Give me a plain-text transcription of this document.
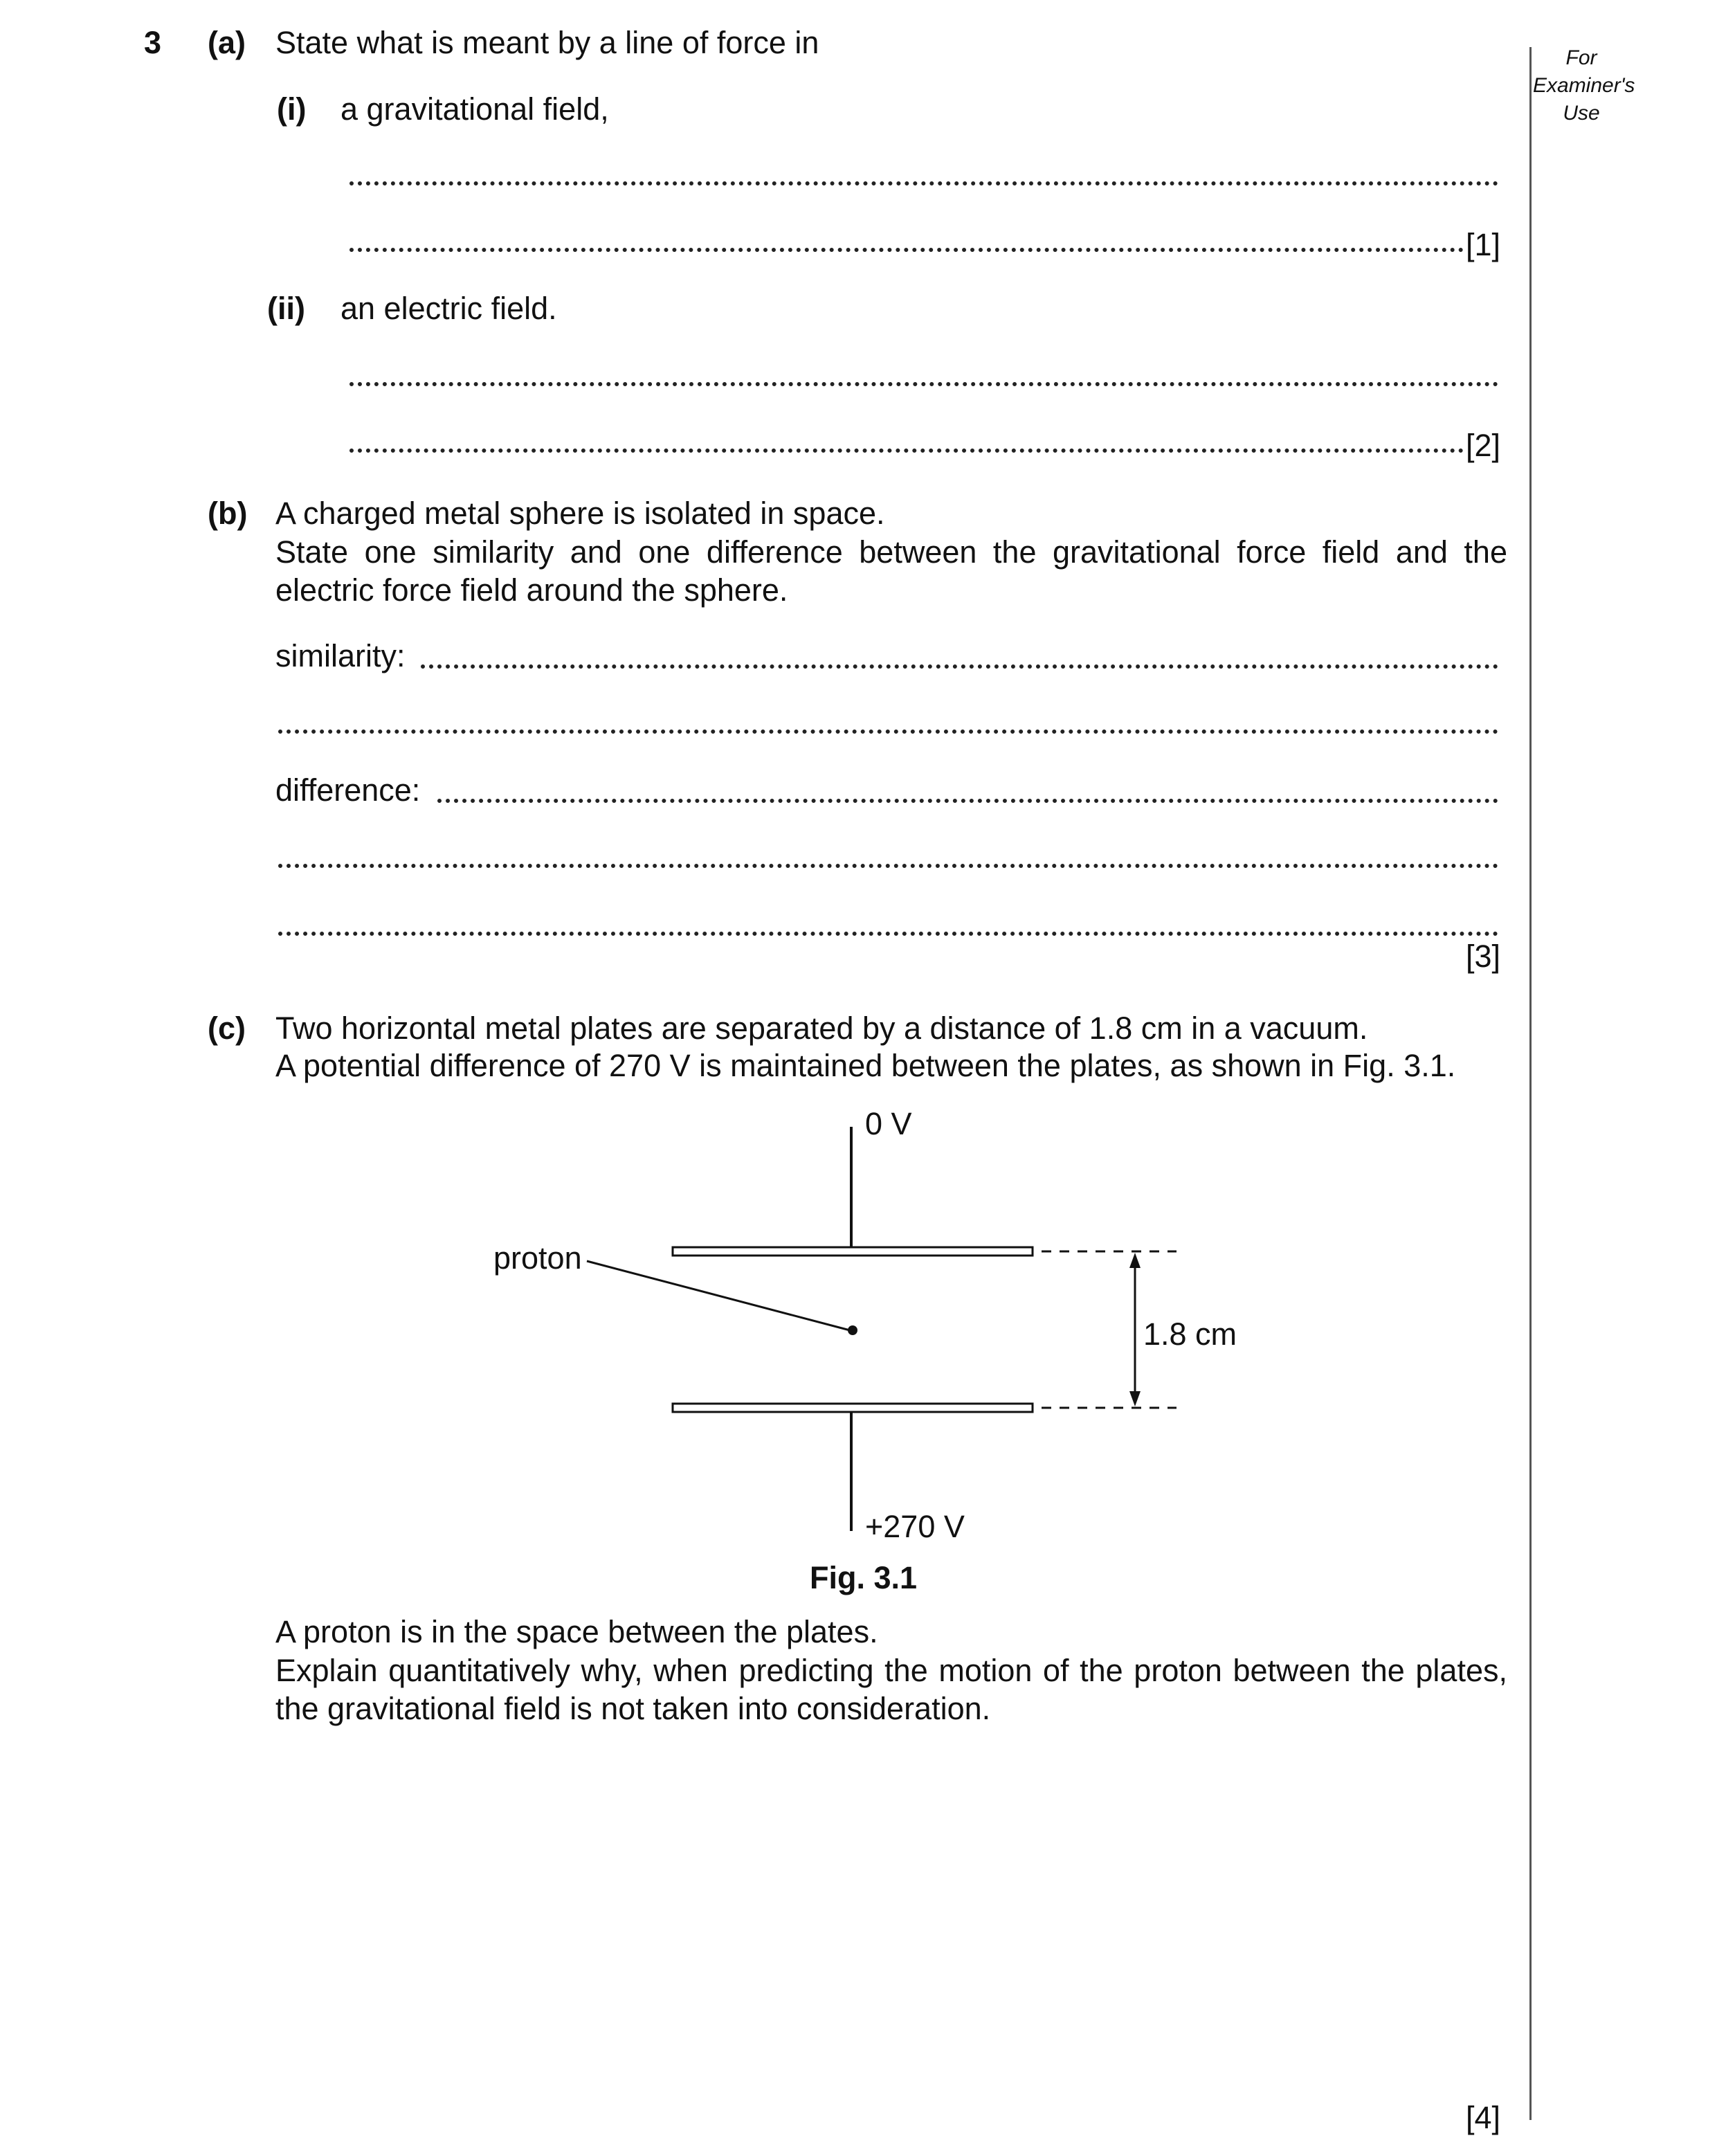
For
Examiner's
Use
3 (a) State what is meant by a line of force in
(i) a gravitational field,
[1]
(ii) an electric field.
[2]
(b) A charged metal sphere is isolated in space.
State one similarity and one difference between the gravitational force field and the electric force field around the sphere.
similarity:
difference:
[3]
(c) Two horizontal metal plates are separated by a distance of 1.8 cm in a vacuum.
A potential difference of 270 V is maintained between the plates, as shown in Fig. 3.1.
0 V
+270 V
proton
1.8 cm
Fig. 3.1
A proton is in the space between the plates.
Explain quantitatively why, when predicting the motion of the proton between the plates, the gravitational field is not taken into consideration.
[4]
